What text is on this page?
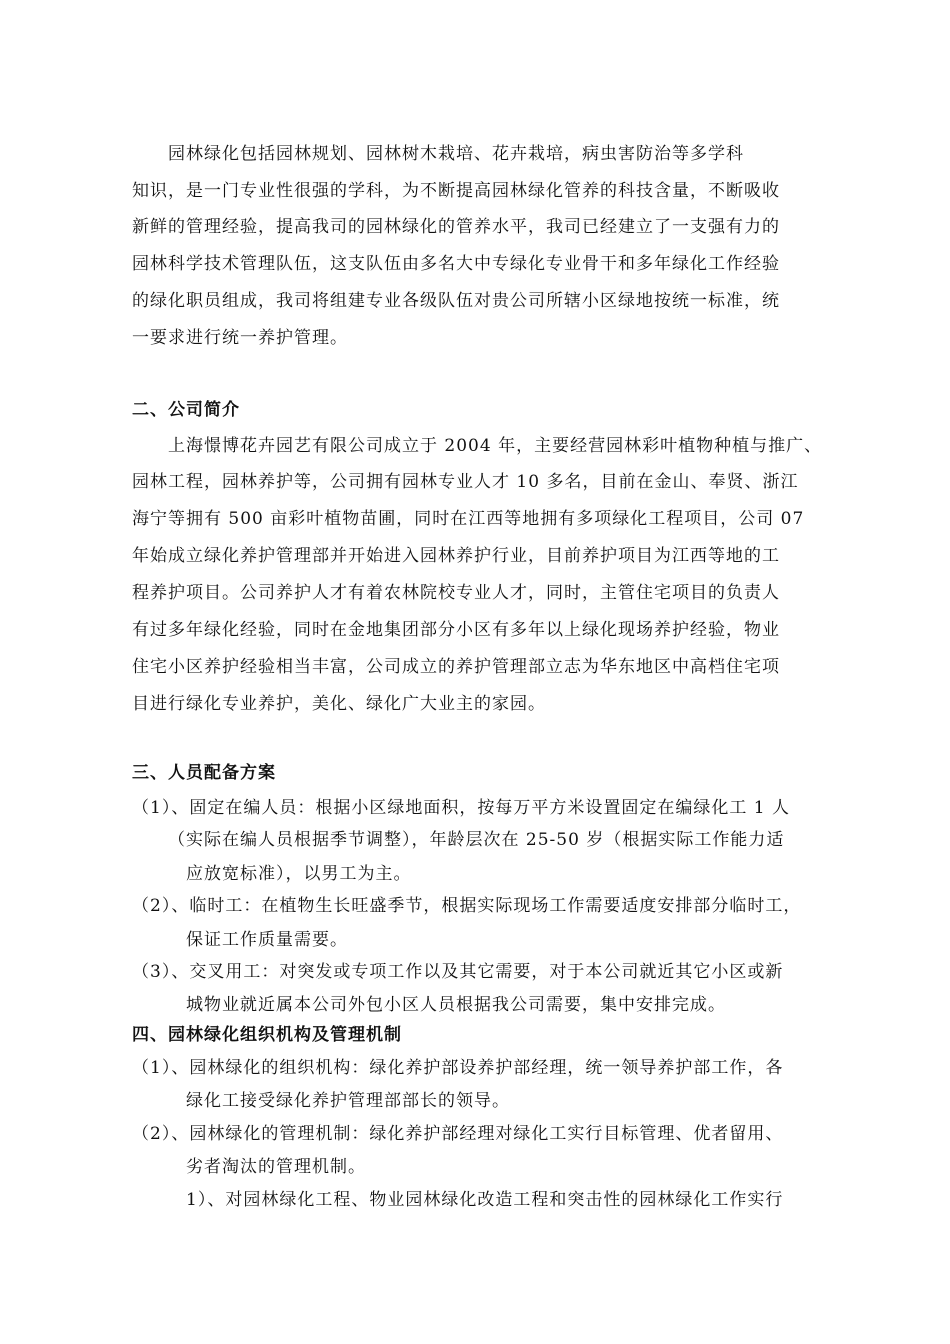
园林绿化包括园林规划、园林树木栽培、花卉栽培，病虫害防治等多学科
知识，是一门专业性很强的学科，为不断提高园林绿化管养的科技含量，不断吸收
新鲜的管理经验，提高我司的园林绿化的管养水平，我司已经建立了一支强有力的
园林科学技术管理队伍，这支队伍由多名大中专绿化专业骨干和多年绿化工作经验
的绿化职员组成，我司将组建专业各级队伍对贵公司所辖小区绿地按统一标准，统
一要求进行统一养护管理。
二、公司简介
上海憬博花卉园艺有限公司成立于 2004 年，主要经营园林彩叶植物种植与推广、
园林工程，园林养护等，公司拥有园林专业人才 10 多名，目前在金山、奉贤、浙江
海宁等拥有 500 亩彩叶植物苗圃，同时在江西等地拥有多项绿化工程项目，公司 07
年始成立绿化养护管理部并开始进入园林养护行业，目前养护项目为江西等地的工
程养护项目。公司养护人才有着农林院校专业人才，同时，主管住宅项目的负责人
有过多年绿化经验，同时在金地集团部分小区有多年以上绿化现场养护经验，物业
住宅小区养护经验相当丰富，公司成立的养护管理部立志为华东地区中高档住宅项
目进行绿化专业养护，美化、绿化广大业主的家园。
三、人员配备方案
（1）、固定在编人员：根据小区绿地面积，按每万平方米设置固定在编绿化工 1 人
（实际在编人员根据季节调整），年龄层次在 25-50 岁（根据实际工作能力适
应放宽标准），以男工为主。
（2）、临时工：在植物生长旺盛季节，根据实际现场工作需要适度安排部分临时工，
保证工作质量需要。
（3）、交叉用工：对突发或专项工作以及其它需要，对于本公司就近其它小区或新
城物业就近属本公司外包小区人员根据我公司需要，集中安排完成。
四、园林绿化组织机构及管理机制
（1）、园林绿化的组织机构：绿化养护部设养护部经理，统一领导养护部工作，各
绿化工接受绿化养护管理部部长的领导。
（2）、园林绿化的管理机制：绿化养护部经理对绿化工实行目标管理、优者留用、
劣者淘汰的管理机制。
1）、对园林绿化工程、物业园林绿化改造工程和突击性的园林绿化工作实行
